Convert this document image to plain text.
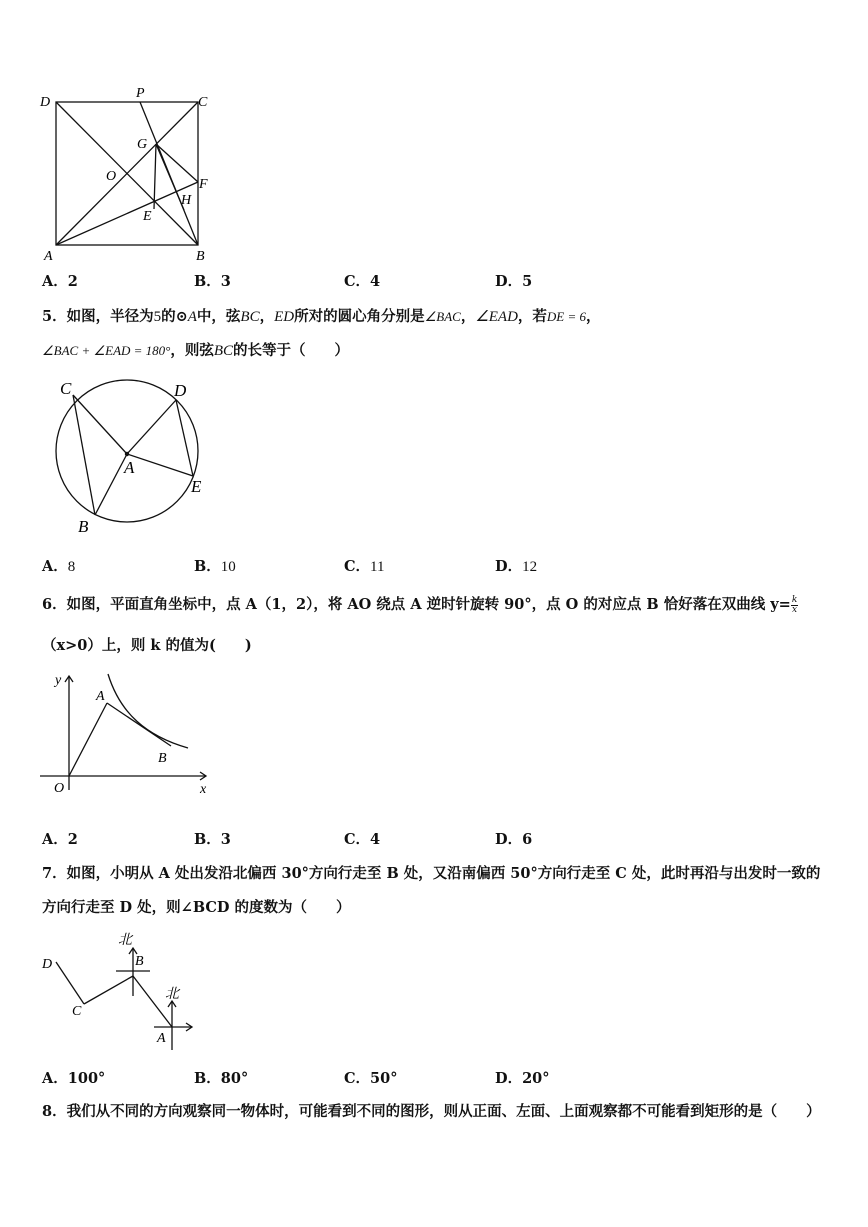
D
P
C
G
O
F
H
E
A	B
A．2	B．3	C．4	D．5
5．如图，半径为5的⊙A中，弦BC，ED所对的圆心角分别是∠BAC，∠EAD，若DE = 6，
∠BAC + ∠EAD = 180°，则弦BC的长等于（　　）
C	D
A
E
B
A．8	B．10	C．11	D．12
6．如图，平面直角坐标中，点 A（1，2），将 AO 绕点 A 逆时针旋转 90°，点 O 的对应点 B 恰好落在双曲线 $y= \frac{k}{x}$
（x>0）上，则 k 的值为(　　)
y
A
B
O	x
A．2	B．3	C．4	D．6
7．如图，小明从 A 处出发沿北偏西 30°方向行走至 B 处，又沿南偏西 50°方向行走至 C 处，此时再沿与出发时一致的
方向行走至 D 处，则∠BCD 的度数为（　　）
北
北
D	B
C
A
A．100°	B．80°	C．50°	D．20°
8．我们从不同的方向观察同一物体时，可能看到不同的图形，则从正面、左面、上面观察都不可能看到矩形的是（　　）
